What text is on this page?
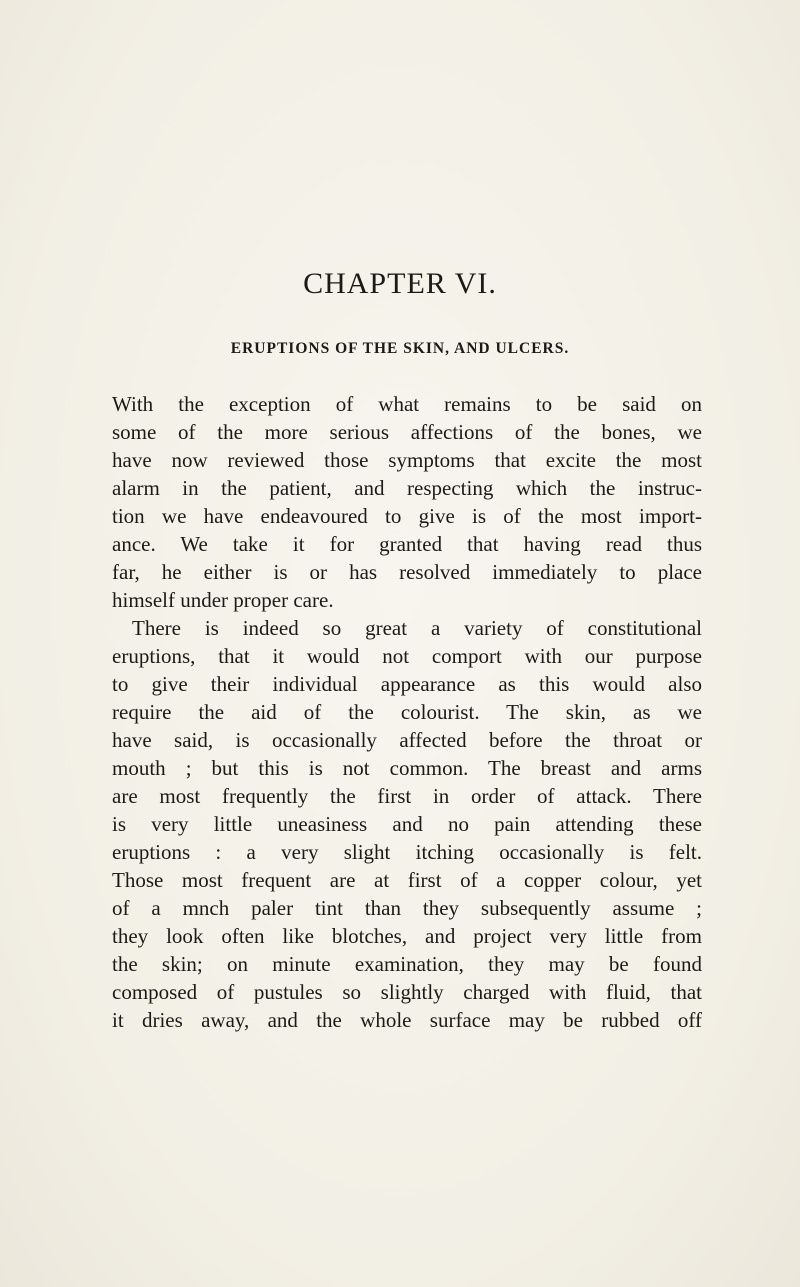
CHAPTER VI.
ERUPTIONS OF THE SKIN, AND ULCERS.
With the exception of what remains to be said on
some of the more serious affections of the bones, we
have now reviewed those symptoms that excite the most
alarm in the patient, and respecting which the instruc-
tion we have endeavoured to give is of the most import-
ance. We take it for granted that having read thus
far, he either is or has resolved immediately to place
himself under proper care.
There is indeed so great a variety of constitutional
eruptions, that it would not comport with our purpose
to give their individual appearance as this would also
require the aid of the colourist. The skin, as we
have said, is occasionally affected before the throat or
mouth ; but this is not common. The breast and arms
are most frequently the first in order of attack. There
is very little uneasiness and no pain attending these
eruptions : a very slight itching occasionally is felt.
Those most frequent are at first of a copper colour, yet
of a mnch paler tint than they subsequently assume ;
they look often like blotches, and project very little from
the skin; on minute examination, they may be found
composed of pustules so slightly charged with fluid, that
it dries away, and the whole surface may be rubbed off
